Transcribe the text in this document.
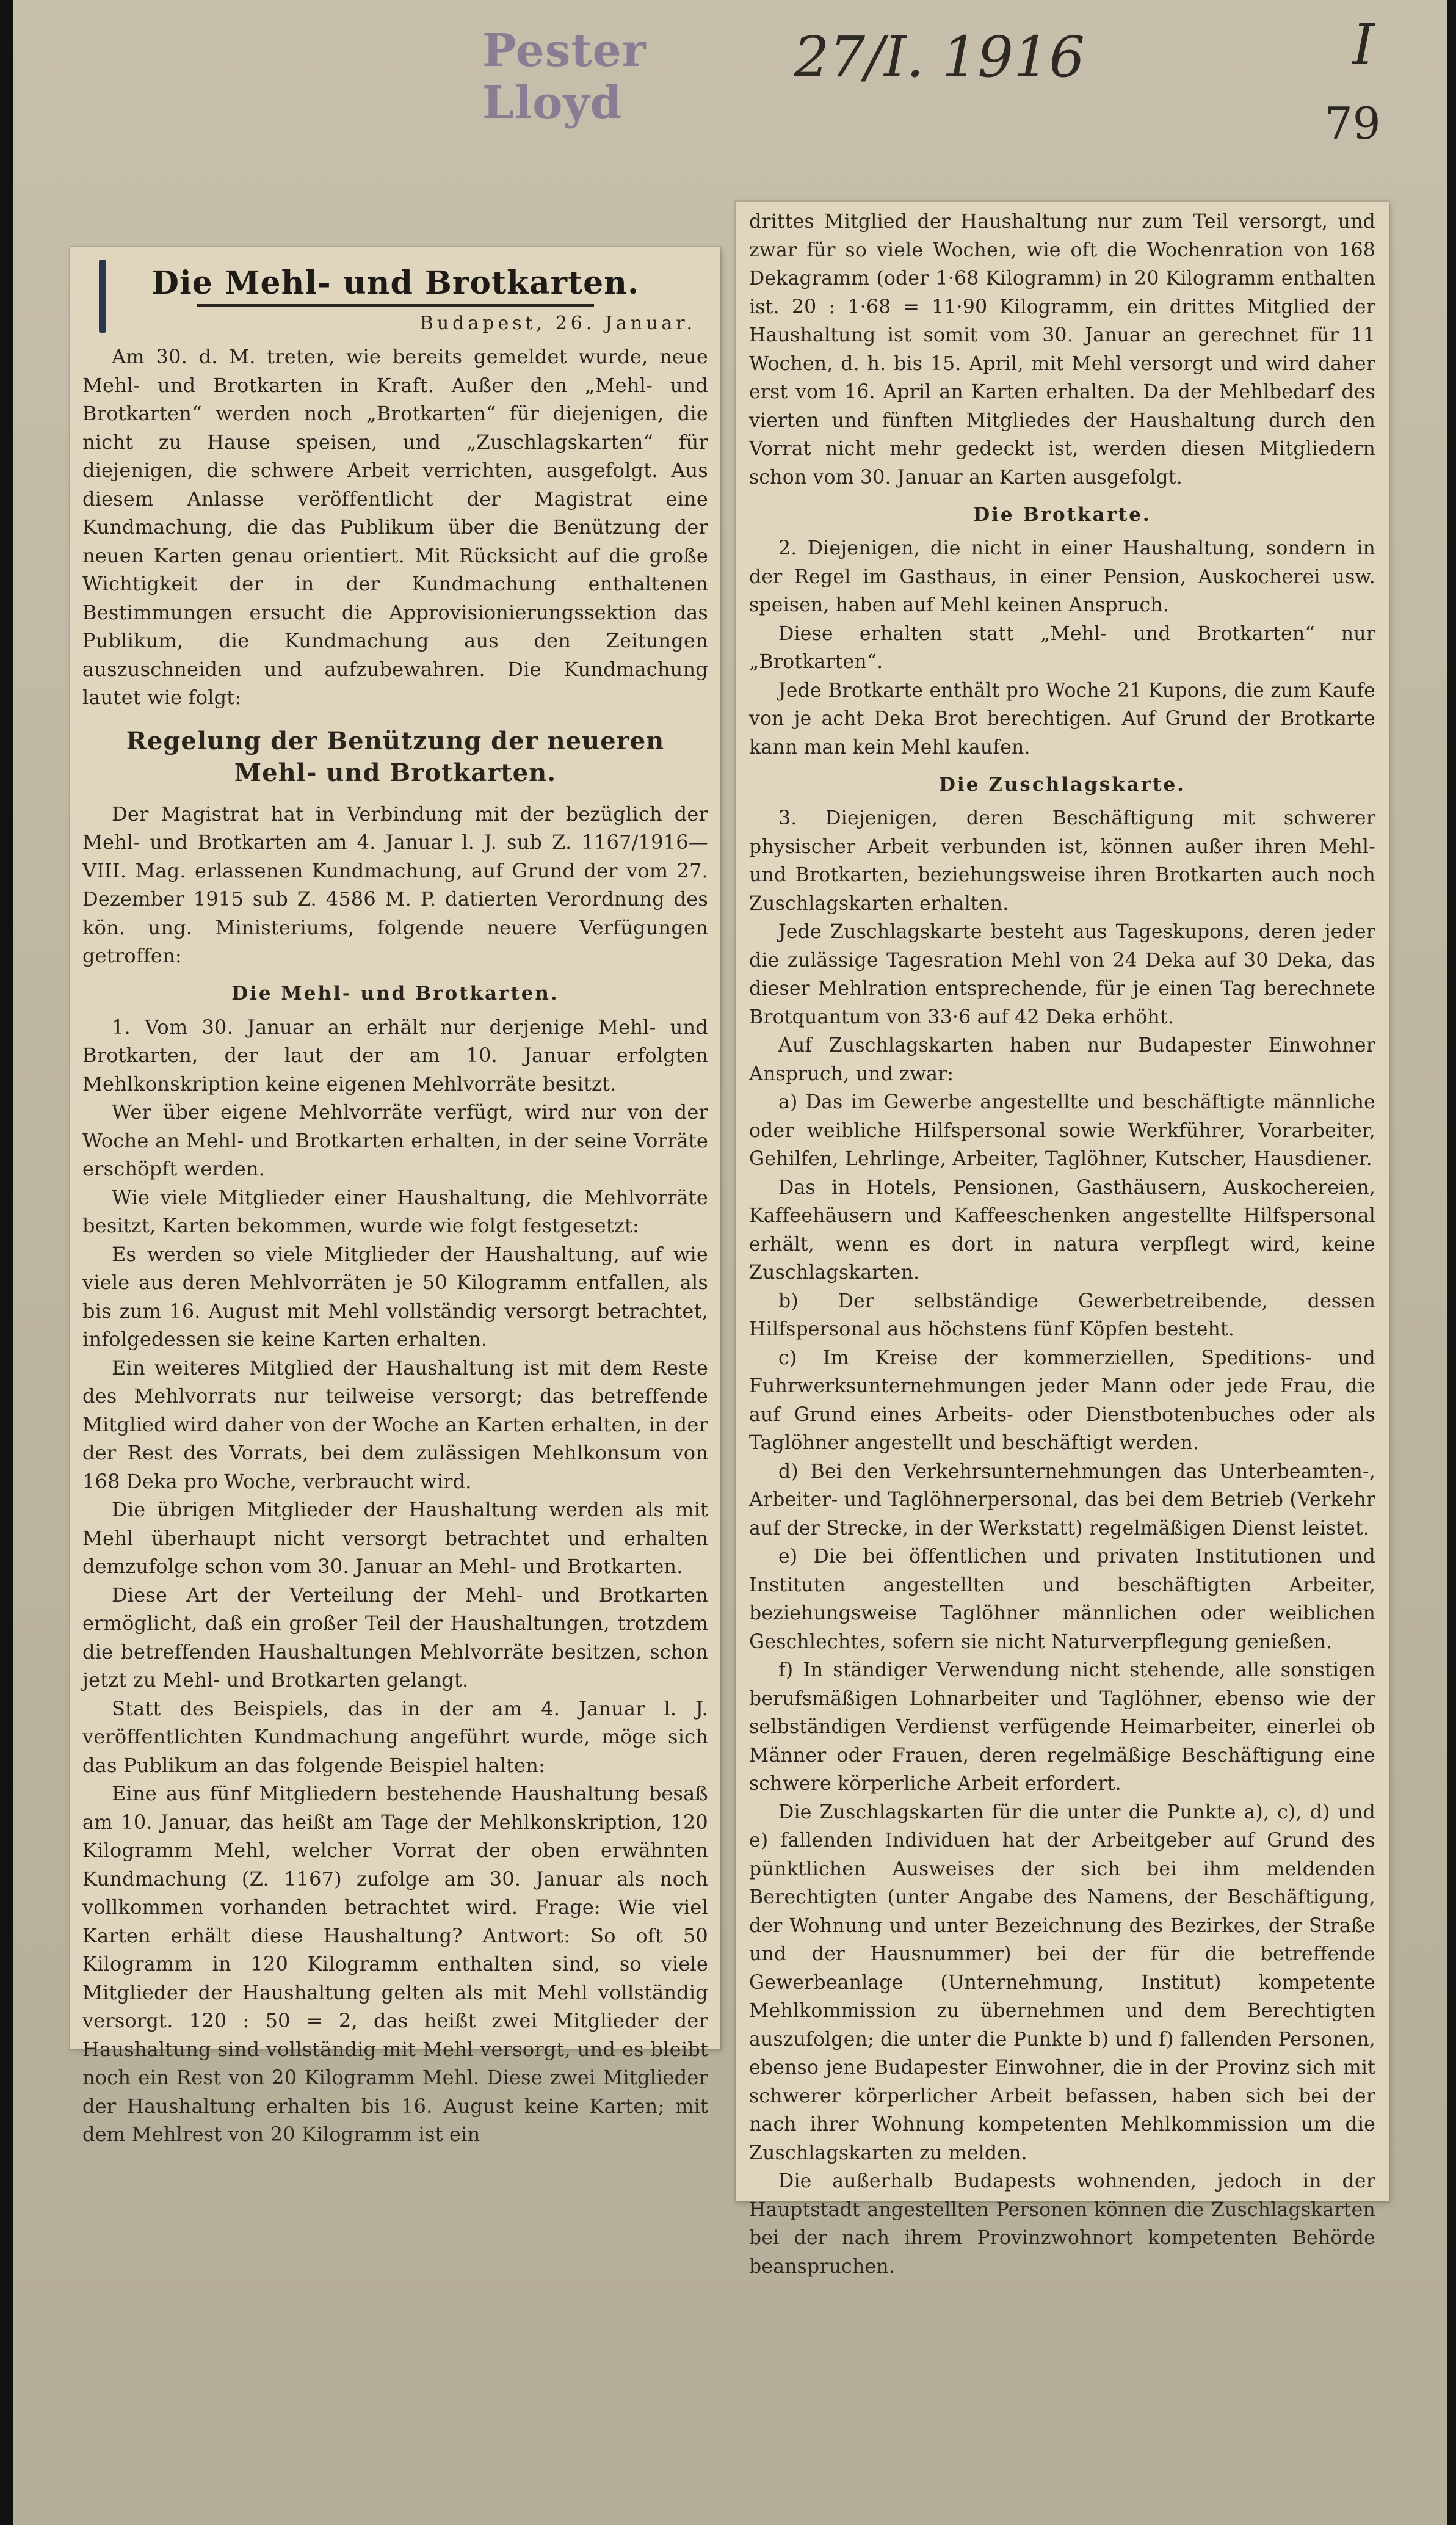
Pester Lloyd
27/I. 1916	I
79
Die Mehl- und Brotkarten.
Budapest, 26. Januar.

Am 30. d. M. treten, wie bereits gemeldet wurde, neue Mehl- und Brotkarten in Kraft. Außer den „Mehl- und Brotkarten“ werden noch „Brotkarten“ für diejenigen, die nicht zu Hause speisen, und „Zuschlagskarten“ für diejenigen, die schwere Arbeit verrichten, ausgefolgt. Aus diesem Anlasse veröffentlicht der Magistrat eine Kundmachung, die das Publikum über die Benützung der neuen Karten genau orientiert. Mit Rücksicht auf die große Wichtigkeit der in der Kundmachung enthaltenen Bestimmungen ersucht die Approvisionierungssektion das Publikum, die Kundmachung aus den Zeitungen auszuschneiden und aufzubewahren. Die Kundmachung lautet wie folgt:

Regelung der Benützung der neueren Mehl- und Brotkarten.

Der Magistrat hat in Verbindung mit der bezüglich der Mehl- und Brotkarten am 4. Januar l. J. sub Z. 1167/1916—VIII. Mag. erlassenen Kundmachung, auf Grund der vom 27. Dezember 1915 sub Z. 4586 M. P. datierten Verordnung des kön. ung. Ministeriums, folgende neuere Verfügungen getroffen:

Die Mehl- und Brotkarten.

1. Vom 30. Januar an erhält nur derjenige Mehl- und Brotkarten, der laut der am 10. Januar erfolgten Mehlkonskription keine eigenen Mehlvorräte besitzt.

Wer über eigene Mehlvorräte verfügt, wird nur von der Woche an Mehl- und Brotkarten erhalten, in der seine Vorräte erschöpft werden.

Wie viele Mitglieder einer Haushaltung, die Mehlvorräte besitzt, Karten bekommen, wurde wie folgt festgesetzt:

Es werden so viele Mitglieder der Haushaltung, auf wie viele aus deren Mehlvorräten je 50 Kilogramm entfallen, als bis zum 16. August mit Mehl vollständig versorgt betrachtet, infolgedessen sie keine Karten erhalten.

Ein weiteres Mitglied der Haushaltung ist mit dem Reste des Mehlvorrats nur teilweise versorgt; das betreffende Mitglied wird daher von der Woche an Karten erhalten, in der der Rest des Vorrats, bei dem zulässigen Mehlkonsum von 168 Deka pro Woche, verbraucht wird.

Die übrigen Mitglieder der Haushaltung werden als mit Mehl überhaupt nicht versorgt betrachtet und erhalten demzufolge schon vom 30. Januar an Mehl- und Brotkarten.

Diese Art der Verteilung der Mehl- und Brotkarten ermöglicht, daß ein großer Teil der Haushaltungen, trotzdem die betreffenden Haushaltungen Mehlvorräte besitzen, schon jetzt zu Mehl- und Brotkarten gelangt.

Statt des Beispiels, das in der am 4. Januar l. J. veröffentlichten Kundmachung angeführt wurde, möge sich das Publikum an das folgende Beispiel halten:

Eine aus fünf Mitgliedern bestehende Haushaltung besaß am 10. Januar, das heißt am Tage der Mehlkonskription, 120 Kilogramm Mehl, welcher Vorrat der oben erwähnten Kundmachung (Z. 1167) zufolge am 30. Januar als noch vollkommen vorhanden betrachtet wird. Frage: Wie viel Karten erhält diese Haushaltung? Antwort: So oft 50 Kilogramm in 120 Kilogramm enthalten sind, so viele Mitglieder der Haushaltung gelten als mit Mehl vollständig versorgt. 120 : 50 = 2, das heißt zwei Mitglieder der Haushaltung sind vollständig mit Mehl versorgt, und es bleibt noch ein Rest von 20 Kilogramm Mehl. Diese zwei Mitglieder der Haushaltung erhalten bis 16. August keine Karten; mit dem Mehlrest von 20 Kilogramm ist ein

drittes Mitglied der Haushaltung nur zum Teil versorgt, und zwar für so viele Wochen, wie oft die Wochenration von 168 Dekagramm (oder 1·68 Kilogramm) in 20 Kilogramm enthalten ist. 20 : 1·68 = 11·90 Kilogramm, ein drittes Mitglied der Haushaltung ist somit vom 30. Januar an gerechnet für 11 Wochen, d. h. bis 15. April, mit Mehl versorgt und wird daher erst vom 16. April an Karten erhalten. Da der Mehlbedarf des vierten und fünften Mitgliedes der Haushaltung durch den Vorrat nicht mehr gedeckt ist, werden diesen Mitgliedern schon vom 30. Januar an Karten ausgefolgt.

Die Brotkarte.

2. Diejenigen, die nicht in einer Haushaltung, sondern in der Regel im Gasthaus, in einer Pension, Auskocherei usw. speisen, haben auf Mehl keinen Anspruch.

Diese erhalten statt „Mehl- und Brotkarten“ nur „Brotkarten“.

Jede Brotkarte enthält pro Woche 21 Kupons, die zum Kaufe von je acht Deka Brot berechtigen. Auf Grund der Brotkarte kann man kein Mehl kaufen.

Die Zuschlagskarte.

3. Diejenigen, deren Beschäftigung mit schwerer physischer Arbeit verbunden ist, können außer ihren Mehl- und Brotkarten, beziehungsweise ihren Brotkarten auch noch Zuschlagskarten erhalten.

Jede Zuschlagskarte besteht aus Tageskupons, deren jeder die zulässige Tagesration Mehl von 24 Deka auf 30 Deka, das dieser Mehlration entsprechende, für je einen Tag berechnete Brotquantum von 33·6 auf 42 Deka erhöht.

Auf Zuschlagskarten haben nur Budapester Einwohner Anspruch, und zwar:

a) Das im Gewerbe angestellte und beschäftigte männliche oder weibliche Hilfspersonal sowie Werkführer, Vorarbeiter, Gehilfen, Lehrlinge, Arbeiter, Taglöhner, Kutscher, Hausdiener.

Das in Hotels, Pensionen, Gasthäusern, Auskochereien, Kaffeehäusern und Kaffeeschenken angestellte Hilfspersonal erhält, wenn es dort in natura verpflegt wird, keine Zuschlagskarten.

b) Der selbständige Gewerbetreibende, dessen Hilfspersonal aus höchstens fünf Köpfen besteht.

c) Im Kreise der kommerziellen, Speditions- und Fuhrwerksunternehmungen jeder Mann oder jede Frau, die auf Grund eines Arbeits- oder Dienstbotenbuches oder als Taglöhner angestellt und beschäftigt werden.

d) Bei den Verkehrsunternehmungen das Unterbeamten-, Arbeiter- und Taglöhnerpersonal, das bei dem Betrieb (Verkehr auf der Strecke, in der Werkstatt) regelmäßigen Dienst leistet.

e) Die bei öffentlichen und privaten Institutionen und Instituten angestellten und beschäftigten Arbeiter, beziehungsweise Taglöhner männlichen oder weiblichen Geschlechtes, sofern sie nicht Naturverpflegung genießen.

f) In ständiger Verwendung nicht stehende, alle sonstigen berufsmäßigen Lohnarbeiter und Taglöhner, ebenso wie der selbständigen Verdienst verfügende Heimarbeiter, einerlei ob Männer oder Frauen, deren regelmäßige Beschäftigung eine schwere körperliche Arbeit erfordert.

Die Zuschlagskarten für die unter die Punkte a), c), d) und e) fallenden Individuen hat der Arbeitgeber auf Grund des pünktlichen Ausweises der sich bei ihm meldenden Berechtigten (unter Angabe des Namens, der Beschäftigung, der Wohnung und unter Bezeichnung des Bezirkes, der Straße und der Hausnummer) bei der für die betreffende Gewerbeanlage (Unternehmung, Institut) kompetente Mehlkommission zu übernehmen und dem Berechtigten auszufolgen; die unter die Punkte b) und f) fallenden Personen, ebenso jene Budapester Einwohner, die in der Provinz sich mit schwerer körperlicher Arbeit befassen, haben sich bei der nach ihrer Wohnung kompetenten Mehlkommission um die Zuschlagskarten zu melden.

Die außerhalb Budapests wohnenden, jedoch in der Hauptstadt angestellten Personen können die Zuschlagskarten bei der nach ihrem Provinzwohnort kompetenten Behörde beanspruchen.
